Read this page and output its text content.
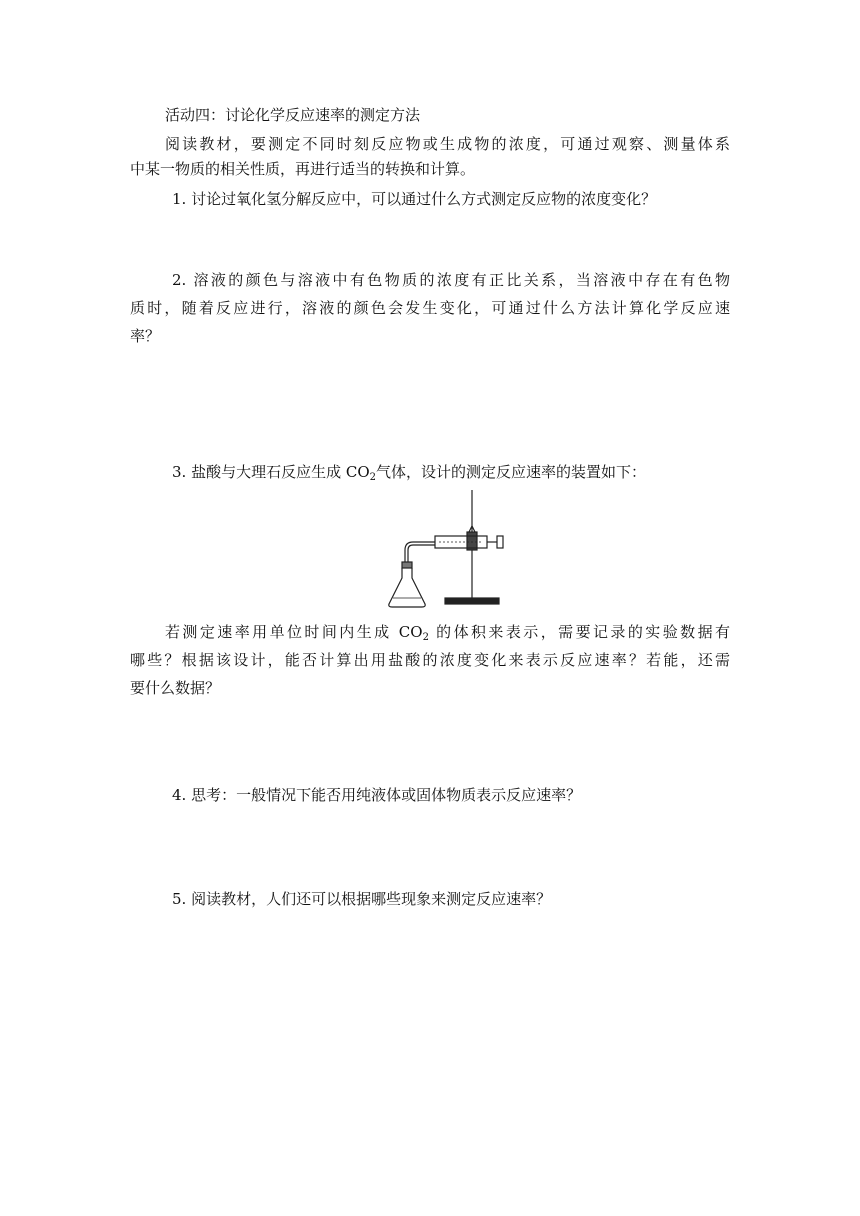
活动四：讨论化学反应速率的测定方法
阅读教材，要测定不同时刻反应物或生成物的浓度，可通过观察、测量体系
中某一物质的相关性质，再进行适当的转换和计算。
1. 讨论过氧化氢分解反应中，可以通过什么方式测定反应物的浓度变化？
2. 溶液的颜色与溶液中有色物质的浓度有正比关系，当溶液中存在有色物
质时，随着反应进行，溶液的颜色会发生变化，可通过什么方法计算化学反应速
率？
3. 盐酸与大理石反应生成 $CO_2$气体，设计的测定反应速率的装置如下：
若测定速率用单位时间内生成 $CO_2$ 的体积来表示，需要记录的实验数据有
哪些？根据该设计，能否计算出用盐酸的浓度变化来表示反应速率？若能，还需
要什么数据？
4. 思考：一般情况下能否用纯液体或固体物质表示反应速率？
5. 阅读教材，人们还可以根据哪些现象来测定反应速率？
